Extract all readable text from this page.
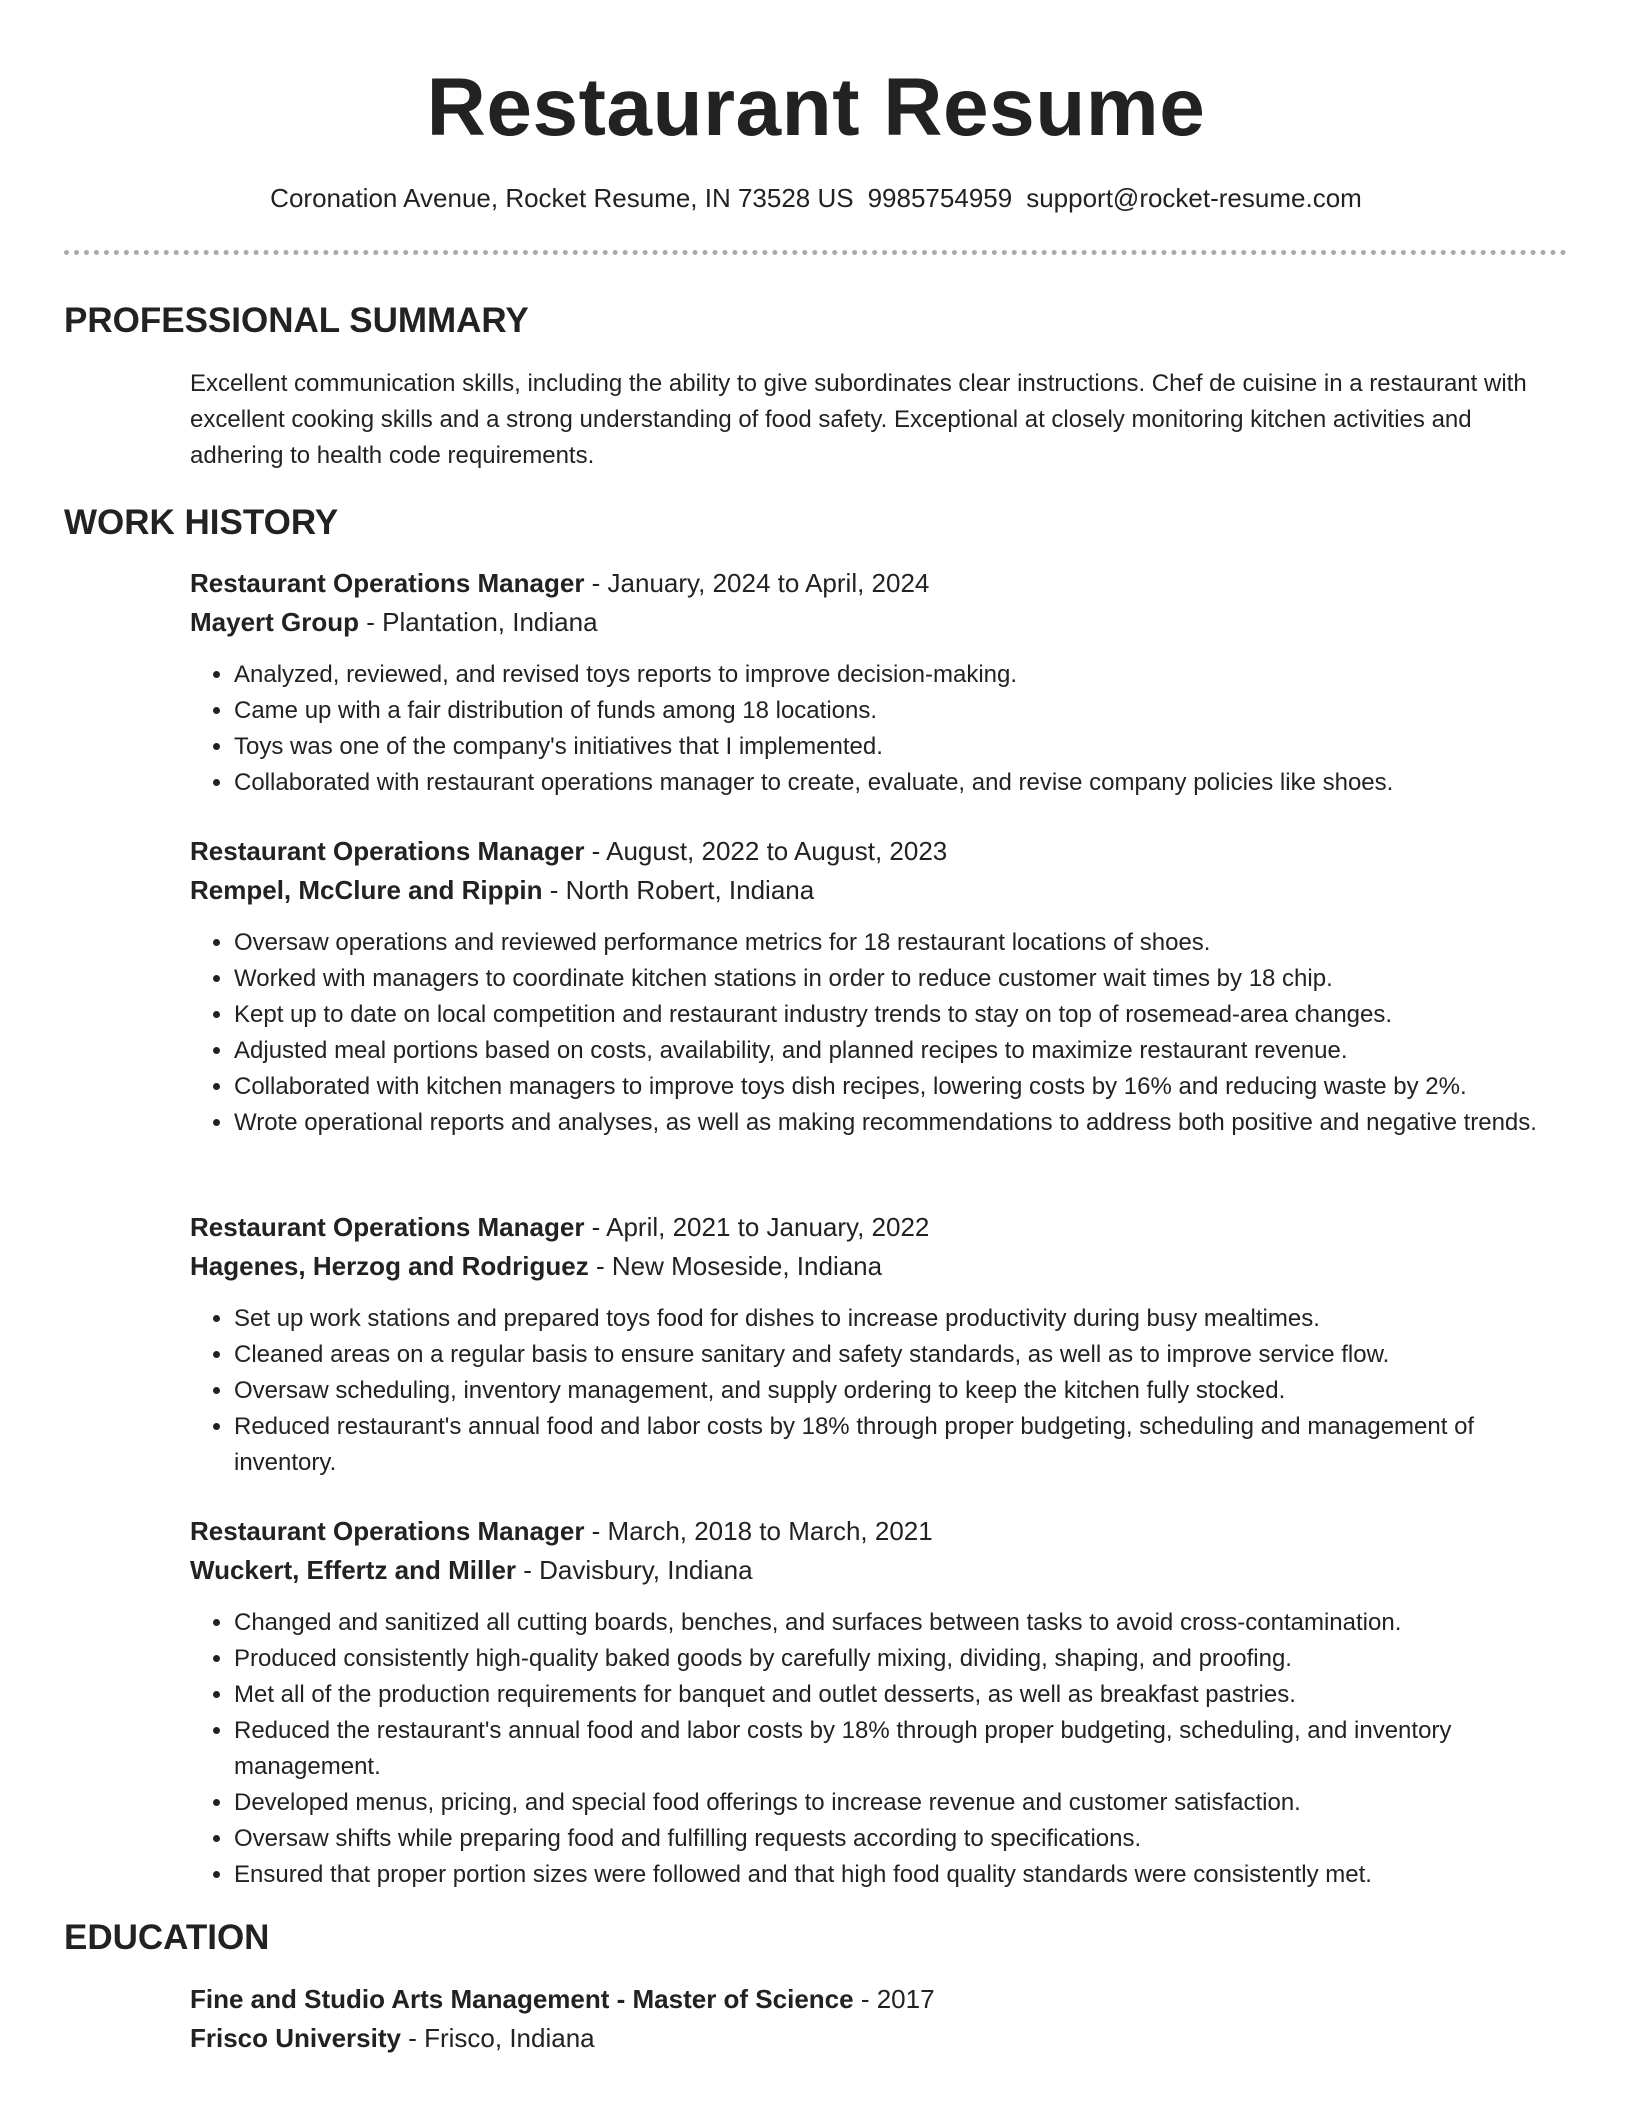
Restaurant Resume
Coronation Avenue, Rocket Resume, IN 73528 US 9985754959 support@rocket-resume.com
PROFESSIONAL SUMMARY

Excellent communication skills, including the ability to give subordinates clear instructions. Chef de cuisine in a restaurant with excellent cooking skills and a strong understanding of food safety. Exceptional at closely monitoring kitchen activities and adhering to health code requirements.

WORK HISTORY

Restaurant Operations Manager - January, 2024 to April, 2024

Mayert Group - Plantation, Indiana

• Analyzed, reviewed, and revised toys reports to improve decision-making.
• Came up with a fair distribution of funds among 18 locations.
• Toys was one of the company's initiatives that I implemented.
• Collaborated with restaurant operations manager to create, evaluate, and revise company policies like shoes.

Restaurant Operations Manager - August, 2022 to August, 2023

Rempel, McClure and Rippin - North Robert, Indiana

• Oversaw operations and reviewed performance metrics for 18 restaurant locations of shoes.
• Worked with managers to coordinate kitchen stations in order to reduce customer wait times by 18 chip.
• Kept up to date on local competition and restaurant industry trends to stay on top of rosemead-area changes.
• Adjusted meal portions based on costs, availability, and planned recipes to maximize restaurant revenue.
• Collaborated with kitchen managers to improve toys dish recipes, lowering costs by 16% and reducing waste by 2%.
• Wrote operational reports and analyses, as well as making recommendations to address both positive and negative trends.

Restaurant Operations Manager - April, 2021 to January, 2022

Hagenes, Herzog and Rodriguez - New Moseside, Indiana

• Set up work stations and prepared toys food for dishes to increase productivity during busy mealtimes.
• Cleaned areas on a regular basis to ensure sanitary and safety standards, as well as to improve service flow.
• Oversaw scheduling, inventory management, and supply ordering to keep the kitchen fully stocked.
• Reduced restaurant's annual food and labor costs by 18% through proper budgeting, scheduling and management of inventory.

Restaurant Operations Manager - March, 2018 to March, 2021

Wuckert, Effertz and Miller - Davisbury, Indiana

• Changed and sanitized all cutting boards, benches, and surfaces between tasks to avoid cross-contamination.
• Produced consistently high-quality baked goods by carefully mixing, dividing, shaping, and proofing.
• Met all of the production requirements for banquet and outlet desserts, as well as breakfast pastries.
• Reduced the restaurant's annual food and labor costs by 18% through proper budgeting, scheduling, and inventory management.
• Developed menus, pricing, and special food offerings to increase revenue and customer satisfaction.
• Oversaw shifts while preparing food and fulfilling requests according to specifications.
• Ensured that proper portion sizes were followed and that high food quality standards were consistently met.
EDUCATION

Fine and Studio Arts Management - Master of Science - 2017

Frisco University - Frisco, Indiana
